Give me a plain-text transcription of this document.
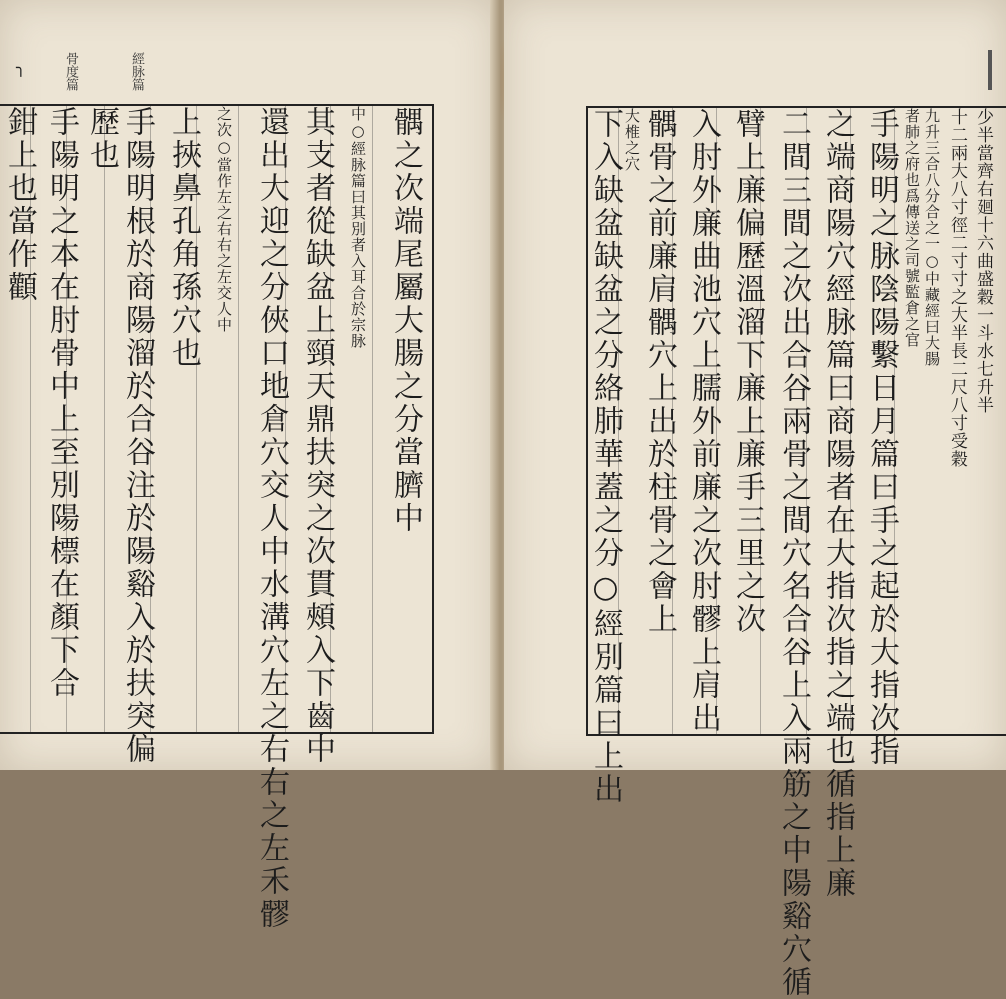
╮	骨度篇	經脉篇
髃之次端尾屬大腸之分當臍中
中○經脉篇曰其別者入耳合於宗脉
其支者從缺盆上頸天鼎扶突之次貫頰入下齒中
還出大迎之分俠口地倉穴交人中水溝穴左之右右之左禾髎
之次○當作左之右右之左交人中
上挾鼻孔角孫穴也
手陽明根於商陽溜於合谷注於陽谿入於扶突偏
歷也
手陽明之本在肘骨中上至別陽標在顏下合
鉗上也當作顴	少半當齊右廻十六曲盛穀一斗水七升半
十二兩大八寸徑二寸寸之大半長二尺八寸受穀
九升三合八分合之一○中藏經曰大腸
者肺之府也爲傳送之司號監倉之官
手陽明之脉陰陽繫日月篇曰手之起於大指次指
之端商陽穴經脉篇曰商陽者在大指次指之端也循指上廉
二間三間之次出合谷兩骨之間穴名合谷上入兩筋之中陽谿穴循
臂上廉偏歷溫溜下廉上廉手三里之次
入肘外廉曲池穴上臑外前廉之次肘髎上肩出
髃骨之前廉肩髃穴上出於柱骨之會上
大椎之穴
下入缺盆缺盆之分絡肺華蓋之分○經別篇曰上出
